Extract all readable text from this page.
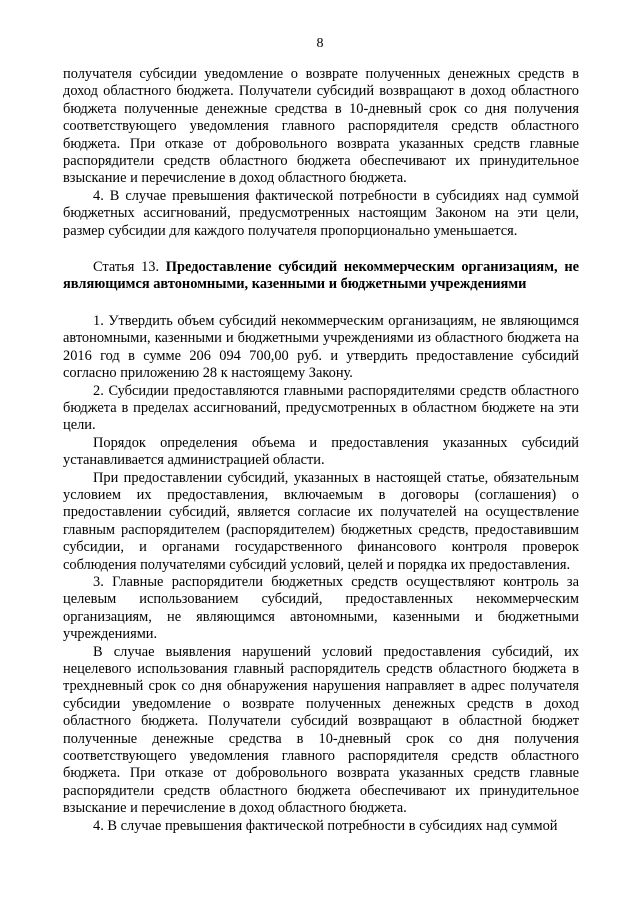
8

получателя субсидии уведомление о возврате полученных денежных средств в доход областного бюджета. Получатели субсидий возвращают в доход областного бюджета полученные денежные средства в 10-дневный срок со дня получения соответствующего уведомления главного распорядителя средств областного бюджета. При отказе от добровольного возврата указанных средств главные распорядители средств областного бюджета обеспечивают их принудительное взыскание и перечисление в доход областного бюджета.

4. В случае превышения фактической потребности в субсидиях над суммой бюджетных ассигнований, предусмотренных настоящим Законом на эти цели, размер субсидии для каждого получателя пропорционально уменьшается.

Статья 13. Предоставление субсидий некоммерческим организациям, не являющимся автономными, казенными и бюджетными учреждениями

1. Утвердить объем субсидий некоммерческим организациям, не являющимся автономными, казенными и бюджетными учреждениями из областного бюджета на 2016 год в сумме 206 094 700,00 руб. и утвердить предоставление субсидий согласно приложению 28 к настоящему Закону.

2. Субсидии предоставляются главными распорядителями средств областного бюджета в пределах ассигнований, предусмотренных в областном бюджете на эти цели.

Порядок определения объема и предоставления указанных субсидий устанавливается администрацией области.

При предоставлении субсидий, указанных в настоящей статье, обязательным условием их предоставления, включаемым в договоры (соглашения) о предоставлении субсидий, является согласие их получателей на осуществление главным распорядителем (распорядителем) бюджетных средств, предоставившим субсидии, и органами государственного финансового контроля проверок соблюдения получателями субсидий условий, целей и порядка их предоставления.

3. Главные распорядители бюджетных средств осуществляют контроль за целевым использованием субсидий, предоставленных некоммерческим организациям, не являющимся автономными, казенными и бюджетными учреждениями.

В случае выявления нарушений условий предоставления субсидий, их нецелевого использования главный распорядитель средств областного бюджета в трехдневный срок со дня обнаружения нарушения направляет в адрес получателя субсидии уведомление о возврате полученных денежных средств в доход областного бюджета. Получатели субсидий возвращают в областной бюджет полученные денежные средства в 10-дневный срок со дня получения соответствующего уведомления главного распорядителя средств областного бюджета. При отказе от добровольного возврата указанных средств главные распорядители средств областного бюджета обеспечивают их принудительное взыскание и перечисление в доход областного бюджета.

4. В случае превышения фактической потребности в субсидиях над суммой
